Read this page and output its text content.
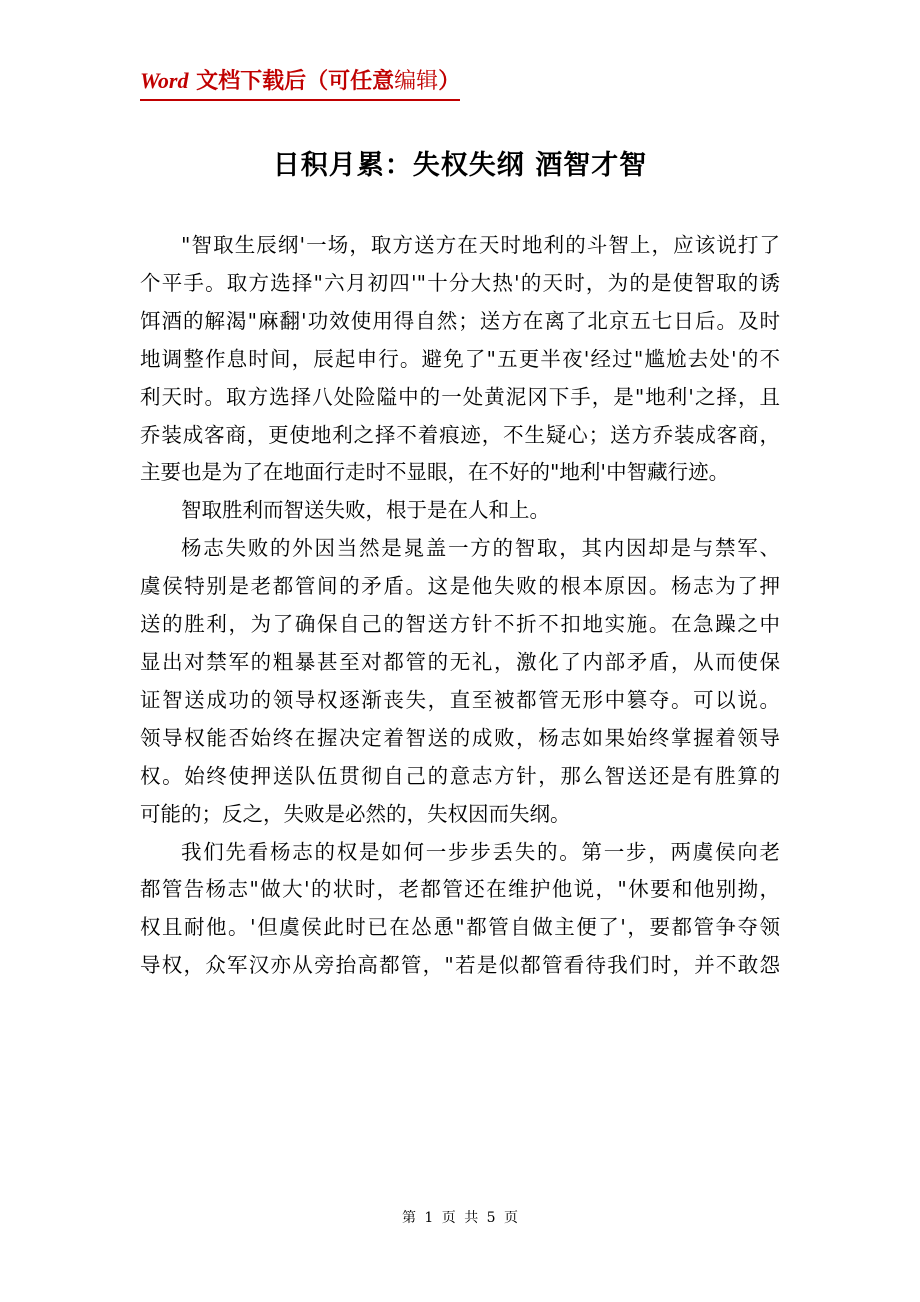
Word 文档下载后（可任意编辑）
日积月累：失权失纲 酒智才智
"智取生辰纲'一场，取方送方在天时地利的斗智上，应该说打了
个平手。取方选择"六月初四'"十分大热'的天时，为的是使智取的诱
饵酒的解渴"麻翻'功效使用得自然；送方在离了北京五七日后。及时
地调整作息时间，辰起申行。避免了"五更半夜'经过"尴尬去处'的不
利天时。取方选择八处险隘中的一处黄泥冈下手，是"地利'之择，且
乔装成客商，更使地利之择不着痕迹，不生疑心；送方乔装成客商，
主要也是为了在地面行走时不显眼，在不好的"地利'中智藏行迹。
智取胜利而智送失败，根于是在人和上。
杨志失败的外因当然是晁盖一方的智取，其内因却是与禁军、
虞侯特别是老都管间的矛盾。这是他失败的根本原因。杨志为了押
送的胜利，为了确保自己的智送方针不折不扣地实施。在急躁之中
显出对禁军的粗暴甚至对都管的无礼，激化了内部矛盾，从而使保
证智送成功的领导权逐渐丧失，直至被都管无形中篡夺。可以说。
领导权能否始终在握决定着智送的成败，杨志如果始终掌握着领导
权。始终使押送队伍贯彻自己的意志方针，那么智送还是有胜算的
可能的；反之，失败是必然的，失权因而失纲。
我们先看杨志的权是如何一步步丢失的。第一步，两虞侯向老
都管告杨志"做大'的状时，老都管还在维护他说，"休要和他别拗，
权且耐他。'但虞侯此时已在怂恿"都管自做主便了'，要都管争夺领
导权，众军汉亦从旁抬高都管，"若是似都管看待我们时，并不敢怨
第 1 页 共 5 页
